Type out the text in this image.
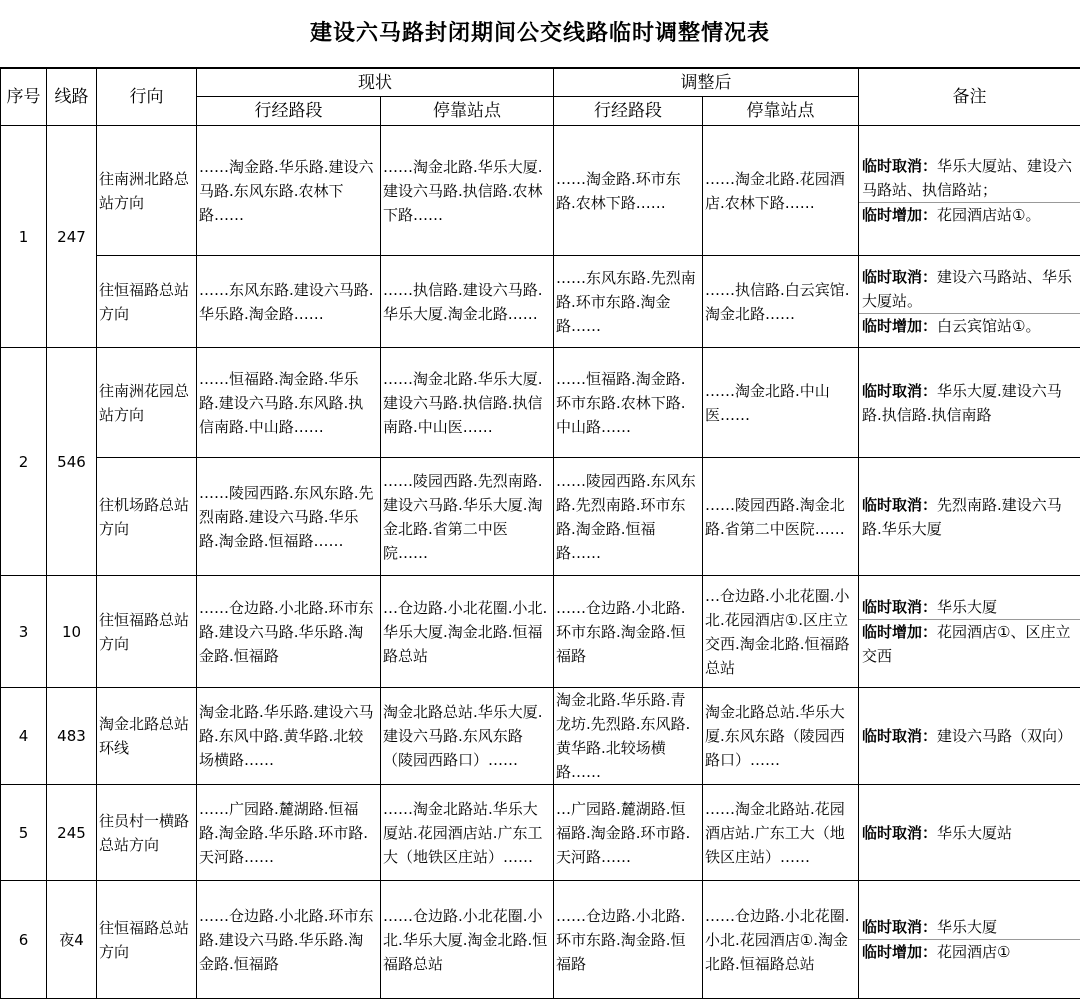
建设六马路封闭期间公交线路临时调整情况表
序号	线路	行向	现状		调整后		备注
			行经路段	停靠站点	行经路段	停靠站点	
1	247	往南洲北路总站方向	……淘金路.华乐路.建设六马路.东风东路.农林下路……	……淘金北路.华乐大厦.建设六马路.执信路.农林下路……	……淘金路.环市东路.农林下路……	……淘金北路.花园酒店.农林下路……	临时取消：华乐大厦站、建设六马路站、执信路站；
临时增加：花园酒店站①。

		往恒福路总站方向	……东风东路.建设六马路.华乐路.淘金路……	……执信路.建设六马路.华乐大厦.淘金北路……	……东风东路.先烈南路.环市东路.淘金路……	……执信路.白云宾馆.淘金北路……	临时取消：建设六马路站、华乐大厦站。
临时增加：白云宾馆站①。

2	546	往南洲花园总站方向	……恒福路.淘金路.华乐路.建设六马路.东风路.执信南路.中山路……	……淘金北路.华乐大厦.建设六马路.执信路.执信南路.中山医……	……恒福路.淘金路.环市东路.农林下路.中山路……	……淘金北路.中山医……	临时取消：华乐大厦.建设六马路.执信路.执信南路
		往机场路总站方向	……陵园西路.东风东路.先烈南路.建设六马路.华乐路.淘金路.恒福路……	……陵园西路.先烈南路.建设六马路.华乐大厦.淘金北路.省第二中医院……	……陵园西路.东风东路.先烈南路.环市东路.淘金路.恒福路……	……陵园西路.淘金北路.省第二中医院……	临时取消：先烈南路.建设六马路.华乐大厦
3	10	往恒福路总站方向	……仓边路.小北路.环市东路.建设六马路.华乐路.淘金路.恒福路	…仓边路.小北花圈.小北.华乐大厦.淘金北路.恒福路总站	……仓边路.小北路.环市东路.淘金路.恒福路	…仓边路.小北花圈.小北.花园酒店①.区庄立交西.淘金北路.恒福路总站	临时取消：华乐大厦
临时增加：花园酒店①、区庄立交西

4	483	淘金北路总站环线	淘金北路.华乐路.建设六马路.东风中路.黄华路.北较场横路……	淘金北路总站.华乐大厦.建设六马路.东风东路（陵园西路口）……	淘金北路.华乐路.青龙坊.先烈路.东风路.黄华路.北较场横路……	淘金北路总站.华乐大厦.东风东路（陵园西路口）……	临时取消：建设六马路（双向）
5	245	往员村一横路总站方向	……广园路.麓湖路.恒福路.淘金路.华乐路.环市路.天河路……	……淘金北路站.华乐大厦站.花园酒店站.广东工大（地铁区庄站）……	…广园路.麓湖路.恒福路.淘金路.环市路.天河路……	……淘金北路站.花园酒店站.广东工大（地铁区庄站）……	临时取消：华乐大厦站
6	夜4	往恒福路总站方向	……仓边路.小北路.环市东路.建设六马路.华乐路.淘金路.恒福路	……仓边路.小北花圈.小北.华乐大厦.淘金北路.恒福路总站	……仓边路.小北路.环市东路.淘金路.恒福路	……仓边路.小北花圈.小北.花园酒店①.淘金北路.恒福路总站	临时取消：华乐大厦
临时增加：花园酒店①
